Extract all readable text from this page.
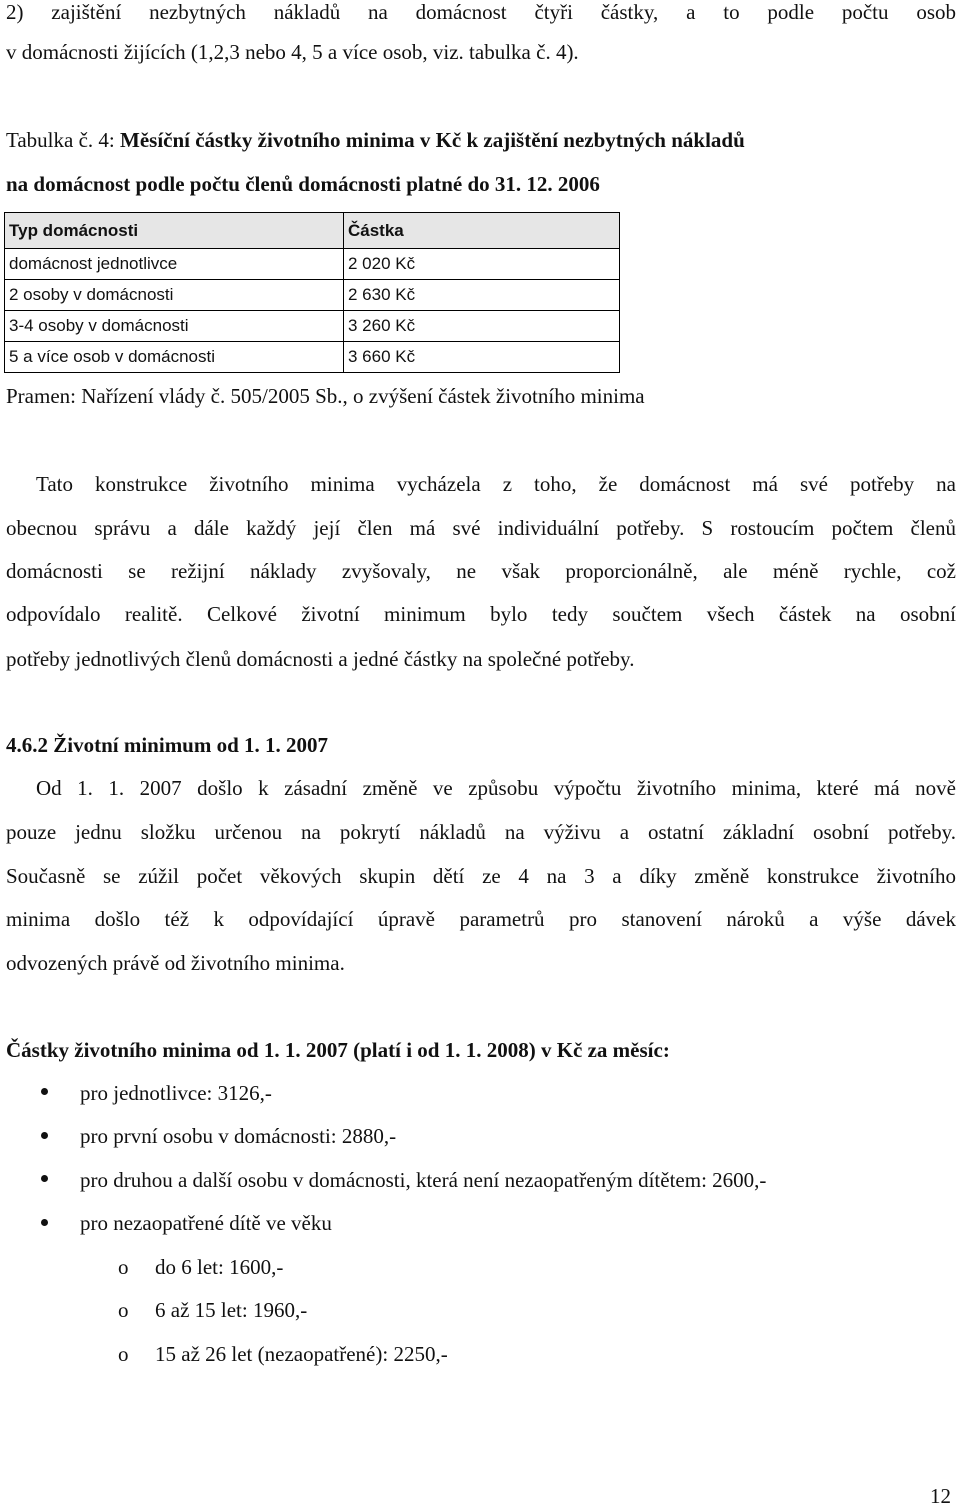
2) zajištění nezbytných nákladů na domácnost čtyři částky, a to podle počtu osob
v domácnosti žijících (1,2,3 nebo 4, 5 a více osob, viz. tabulka č. 4).
Tabulka č. 4: Měsíční částky životního minima v Kč k zajištění nezbytných nákladů
na domácnost podle počtu členů domácnosti platné do 31. 12. 2006
Typ domácnosti	Částka
domácnost jednotlivce	2 020 Kč
2 osoby v domácnosti	2 630 Kč
3-4 osoby v domácnosti	3 260 Kč
5 a více osob v domácnosti	3 660 Kč
Pramen: Nařízení vlády č. 505/2005 Sb., o zvýšení částek životního minima
Tato konstrukce životního minima vycházela z toho, že domácnost má své potřeby na
obecnou správu a dále každý její člen má své individuální potřeby. S rostoucím počtem členů
domácnosti se režijní náklady zvyšovaly, ne však proporcionálně, ale méně rychle, což
odpovídalo realitě. Celkové životní minimum bylo tedy součtem všech částek na osobní
potřeby jednotlivých členů domácnosti a jedné částky na společné potřeby.
4.6.2 Životní minimum od 1. 1. 2007
Od 1. 1. 2007 došlo k zásadní změně ve způsobu výpočtu životního minima, které má nově
pouze jednu složku určenou na pokrytí nákladů na výživu a ostatní základní osobní potřeby.
Současně se zúžil počet věkových skupin dětí ze 4 na 3 a díky změně konstrukce životního
minima došlo též k odpovídající úpravě parametrů pro stanovení nároků a výše dávek
odvozených právě od životního minima.
Částky životního minima od 1. 1. 2007 (platí i od 1. 1. 2008) v Kč za měsíc:
pro jednotlivce: 3126,-
pro první osobu v domácnosti: 2880,-
pro druhou a další osobu v domácnosti, která není nezaopatřeným dítětem: 2600,-
pro nezaopatřené dítě ve věku
o do 6 let: 1600,-
o 6 až 15 let: 1960,-
o 15 až 26 let (nezaopatřené): 2250,-
12
